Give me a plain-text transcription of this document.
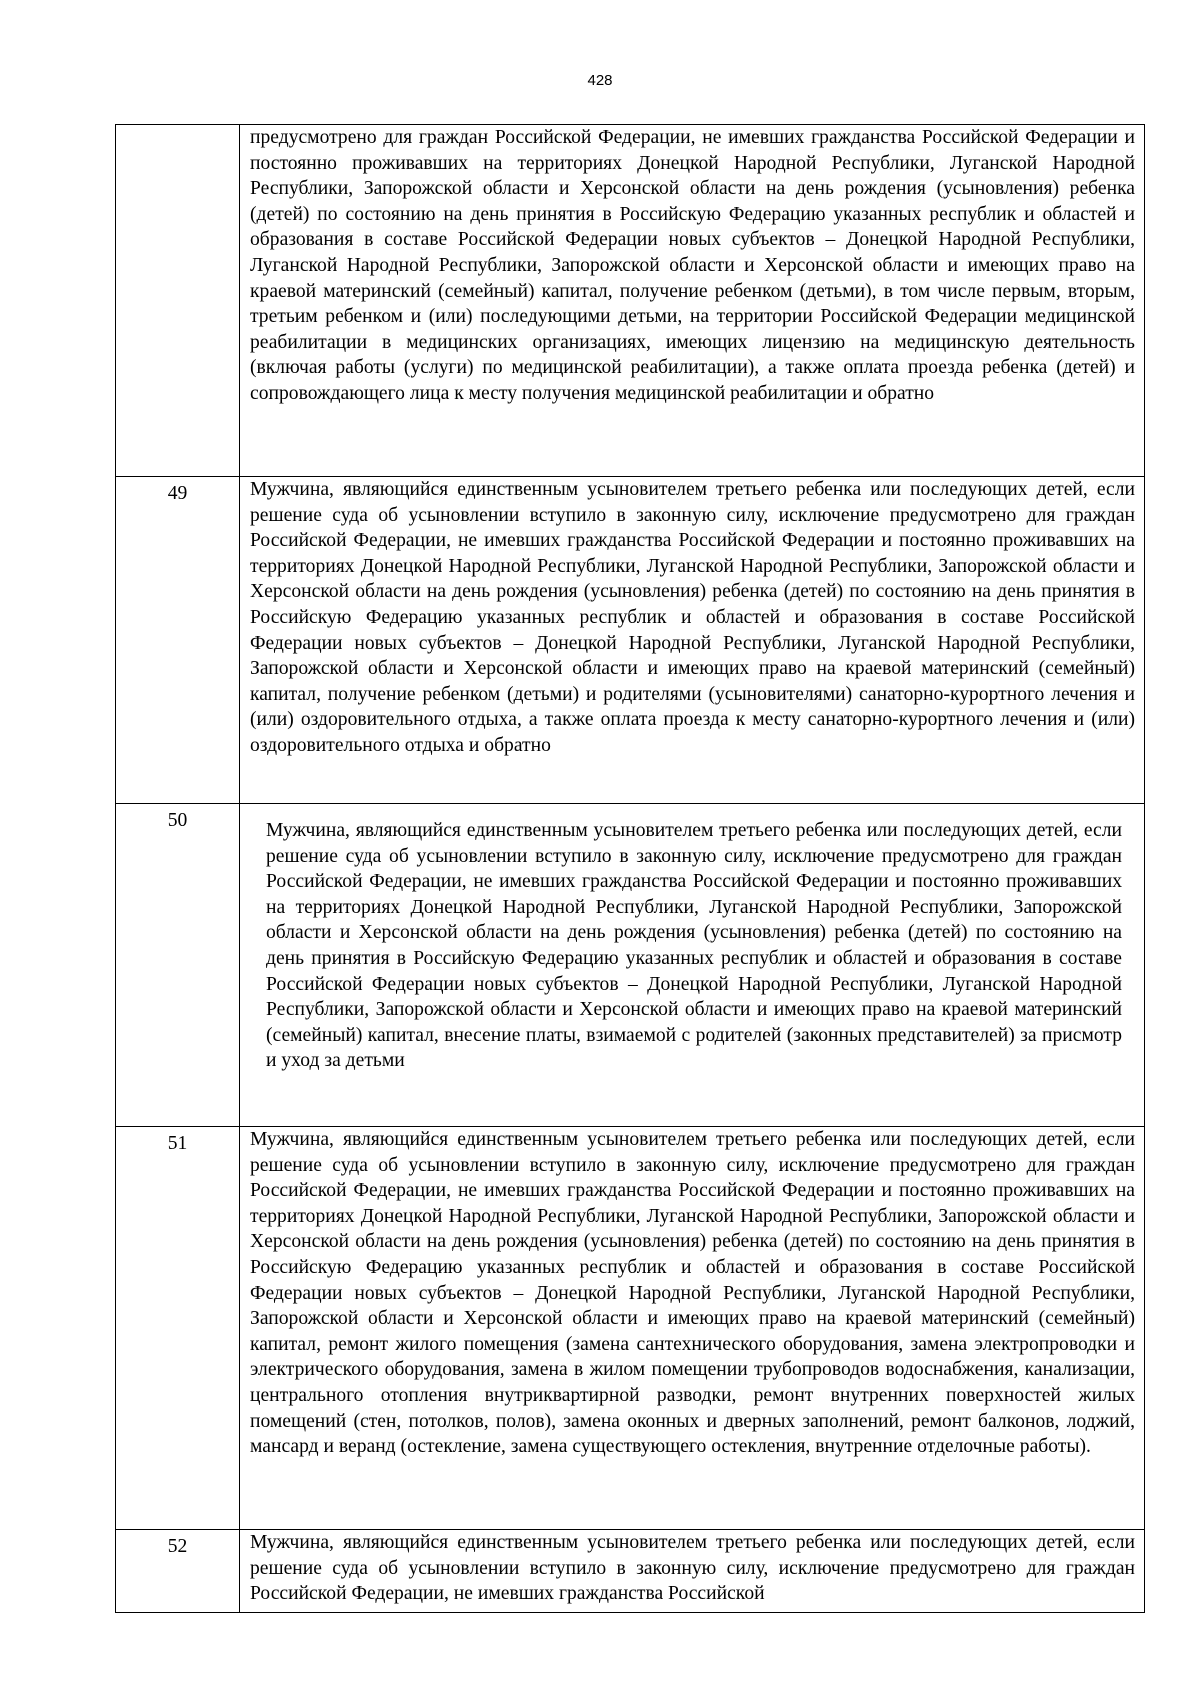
428
	предусмотрено для граждан Российской Федерации, не имевших гражданства Российской Федерации и постоянно проживавших на территориях Донецкой Народной Республики, Луганской Народной Республики, Запорожской области и Херсонской области на день рождения (усыновления) ребенка (детей) по состоянию на день принятия в Российскую Федерацию указанных республик и областей и образования в составе Российской Федерации новых субъектов – Донецкой Народной Республики, Луганской Народной Республики, Запорожской области и Херсонской области и имеющих право на краевой материнский (семейный) капитал, получение ребенком (детьми), в том числе первым, вторым, третьим ребенком и (или) последующими детьми, на территории Российской Федерации медицинской реабилитации в медицинских организациях, имеющих лицензию на медицинскую деятельность (включая работы (услуги) по медицинской реабилитации), а также оплата проезда ребенка (детей) и сопровождающего лица к месту получения медицинской реабилитации и обратно
49	Мужчина, являющийся единственным усыновителем третьего ребенка или последующих детей, если решение суда об усыновлении вступило в законную силу, исключение предусмотрено для граждан Российской Федерации, не имевших гражданства Российской Федерации и постоянно проживавших на территориях Донецкой Народной Республики, Луганской Народной Республики, Запорожской области и Херсонской области на день рождения (усыновления) ребенка (детей) по состоянию на день принятия в Российскую Федерацию указанных республик и областей и образования в составе Российской Федерации новых субъектов – Донецкой Народной Республики, Луганской Народной Республики, Запорожской области и Херсонской области и имеющих право на краевой материнский (семейный) капитал, получение ребенком (детьми) и родителями (усыновителями) санаторно-курортного лечения и (или) оздоровительного отдыха, а также оплата проезда к месту санаторно-курортного лечения и (или) оздоровительного отдыха и обратно
50	Мужчина, являющийся единственным усыновителем третьего ребенка или последующих детей, если решение суда об усыновлении вступило в законную силу, исключение предусмотрено для граждан Российской Федерации, не имевших гражданства Российской Федерации и постоянно проживавших на территориях Донецкой Народной Республики, Луганской Народной Республики, Запорожской области и Херсонской области на день рождения (усыновления) ребенка (детей) по состоянию на день принятия в Российскую Федерацию указанных республик и областей и образования в составе Российской Федерации новых субъектов – Донецкой Народной Республики, Луганской Народной Республики, Запорожской области и Херсонской области и имеющих право на краевой материнский (семейный) капитал, внесение платы, взимаемой с родителей (законных представителей) за присмотр и уход за детьми
51	Мужчина, являющийся единственным усыновителем третьего ребенка или последующих детей, если решение суда об усыновлении вступило в законную силу, исключение предусмотрено для граждан Российской Федерации, не имевших гражданства Российской Федерации и постоянно проживавших на территориях Донецкой Народной Республики, Луганской Народной Республики, Запорожской области и Херсонской области на день рождения (усыновления) ребенка (детей) по состоянию на день принятия в Российскую Федерацию указанных республик и областей и образования в составе Российской Федерации новых субъектов – Донецкой Народной Республики, Луганской Народной Республики, Запорожской области и Херсонской области и имеющих право на краевой материнский (семейный) капитал, ремонт жилого помещения (замена сантехнического оборудования, замена электропроводки и электрического оборудования, замена в жилом помещении трубопроводов водоснабжения, канализации, центрального отопления внутриквартирной разводки, ремонт внутренних поверхностей жилых помещений (стен, потолков, полов), замена оконных и дверных заполнений, ремонт балконов, лоджий, мансард и веранд (остекление, замена существующего остекления, внутренние отделочные работы).
52	Мужчина, являющийся единственным усыновителем третьего ребенка или последующих детей, если решение суда об усыновлении вступило в законную силу, исключение предусмотрено для граждан Российской Федерации, не имевших гражданства Российской
